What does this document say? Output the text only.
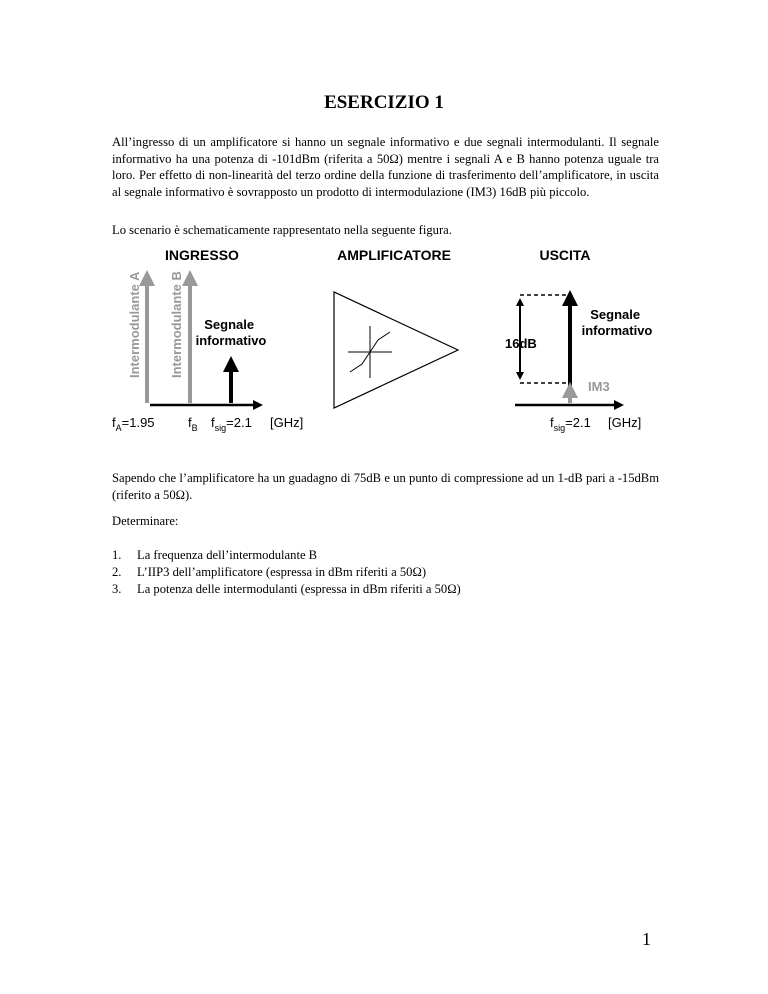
ESERCIZIO 1

All’ingresso di un amplificatore si hanno un segnale informativo e due segnali intermodulanti. Il segnale informativo ha una potenza di -101dBm (riferita a 50Ω) mentre i segnali A e B hanno potenza uguale tra loro. Per effetto di non-linearità del terzo ordine della funzione di trasferimento dell’amplificatore, in uscita al segnale informativo è sovrapposto un prodotto di intermodulazione (IM3) 16dB più piccolo.

Lo scenario è schematicamente rappresentato nella seguente figura.

INGRESSO	AMPLIFICATORE	USCITA
Intermodulante A Intermodulante B	Segnale informativo
$f_A=1.95$	$f_B$ $f_{sig}=2.1$ [GHz]
16dB
Segnale informativo
IM3
$f_{sig}=2.1$ [GHz]

Sapendo che l’amplificatore ha un guadagno di 75dB e un punto di compressione ad un 1-dB pari a -15dBm (riferito a 50Ω).

Determinare:

1.	La frequenza dell’intermodulante B
2.	L’IIP3 dell’amplificatore (espressa in dBm riferiti a 50Ω)
3.	La potenza delle intermodulanti (espressa in dBm riferiti a 50Ω)
1
